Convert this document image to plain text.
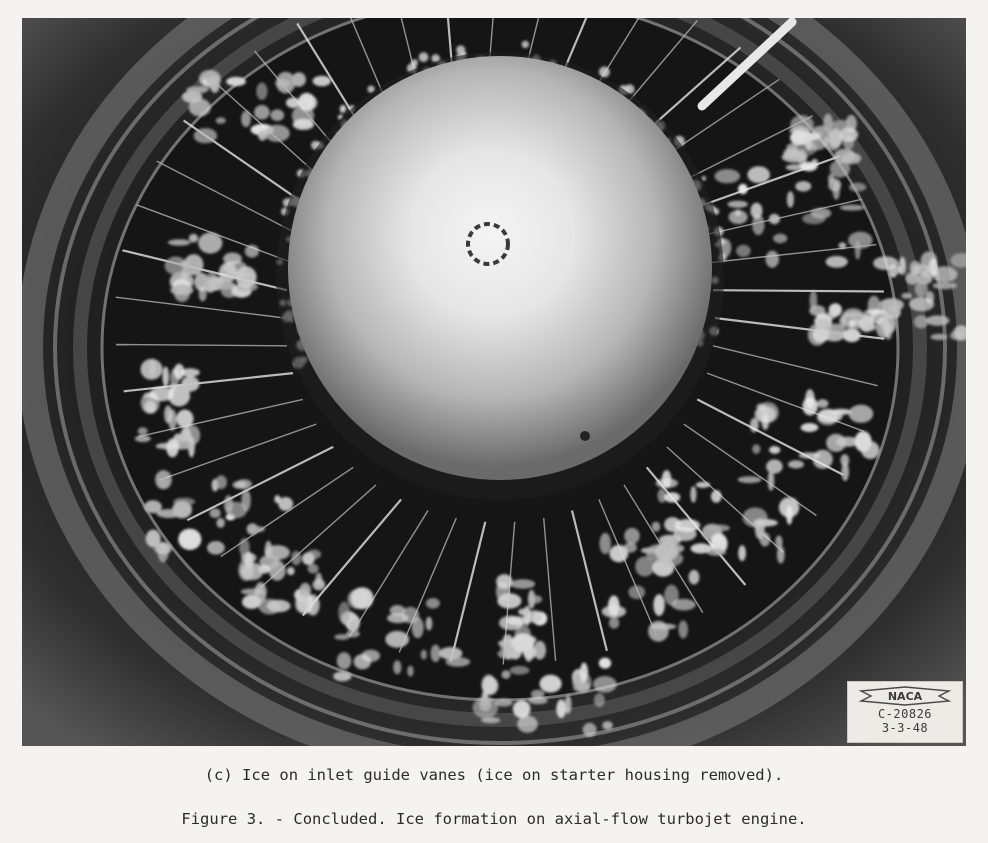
NACA
C-20826
3-3-48
(c) Ice on inlet guide vanes (ice on starter housing removed).
Figure 3. - Concluded. Ice formation on axial-flow turbojet engine.
